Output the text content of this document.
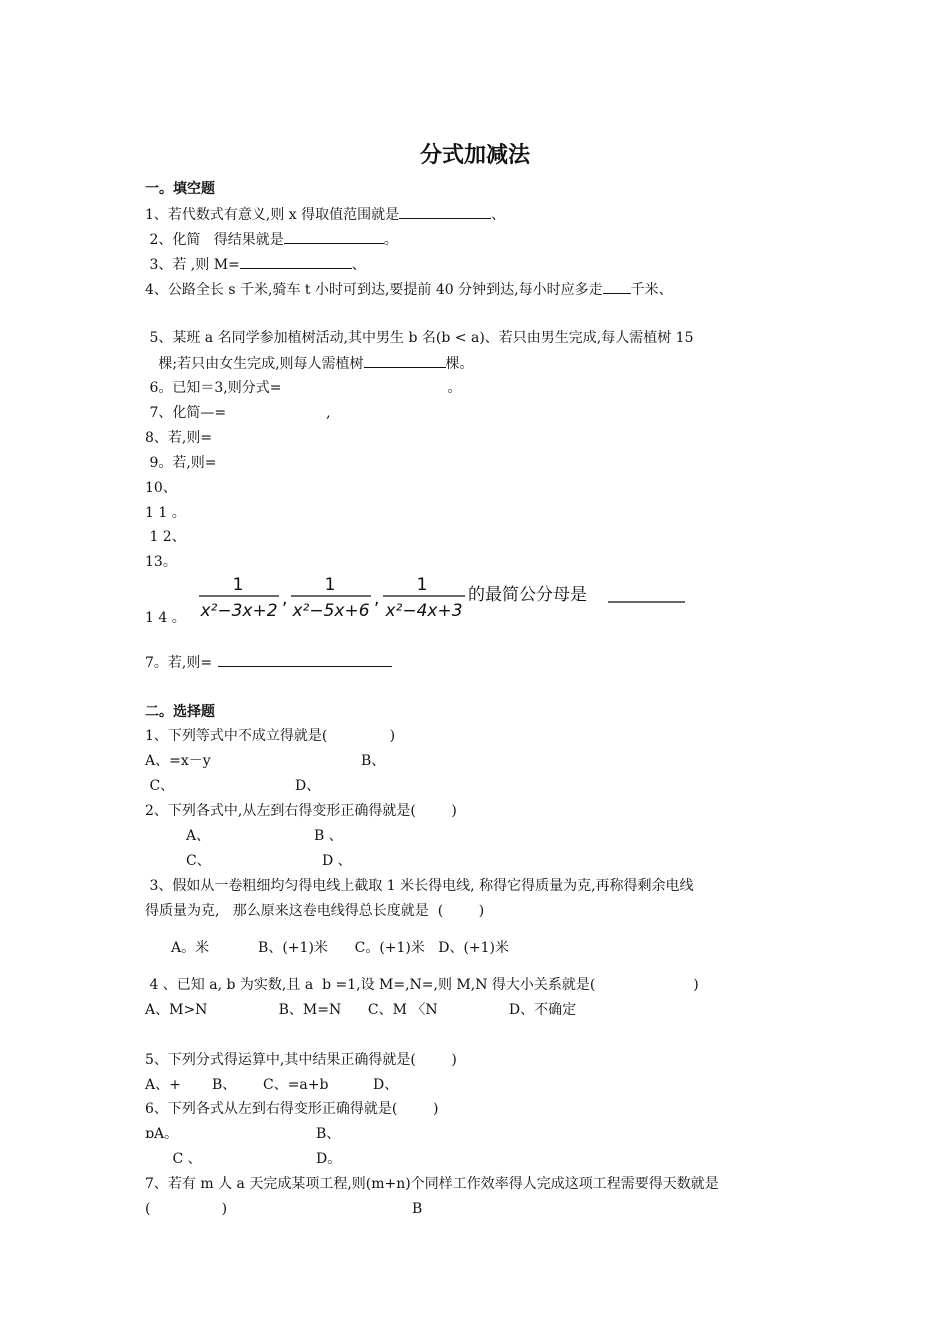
分式加减法
一。填空题
1、若代数式有意义,则 x 得取值范围就是	、
2、化简   得结果就是	。
3、若 ,则 M=	、
4、公路全长 s 千米,骑车 t 小时可到达,要提前 40 分钟到达,每小时应多走 千米、
5、某班 a 名同学参加植树活动,其中男生 b 名(b < a)、若只由男生完成,每人需植树 15
棵;若只由女生完成,则每人需植树	棵。
6。已知＝3,则分式=	。
7、化简—=	,
8、若,则=
9。若,则=
10、
1 1 。
1 2、
13。
1 4 。
1
x²−3x+2
,
1
x²−5x+6
,
1
x²−4x+3
的最简公分母是
7。若,则=
二。选择题
1、下列等式中不成立得就是(              )
A、=x－y	B、
C、	D、
2、下列各式中,从左到右得变形正确得就是(        )
A、	B 、
C、	D 、
3、假如从一卷粗细均匀得电线上截取 1 米长得电线, 称得它得质量为克,再称得剩余电线
得质量为克,   那么原来这卷电线得总长度就是  (        )
A。米           B、(+1)米      C。(+1)米   D、(+1)米
4 、已知 a, b 为实数,且 a  b =1,设 M=,N=,则 M,N 得大小关系就是(                      )
A、M>N                B、M=N      C、M 〈N                D、不确定
5、下列分式得运算中,其中结果正确得就是(        )
A、+       B、      C、=a+b          D、
6、下列各式从左到右得变形正确得就是(        )
ɒA。	B、
C 、	D。
7、若有 m 人 a 天完成某项工程,则(m+n)个同样工作效率得人完成这项工程需要得天数就是
(                )	B
